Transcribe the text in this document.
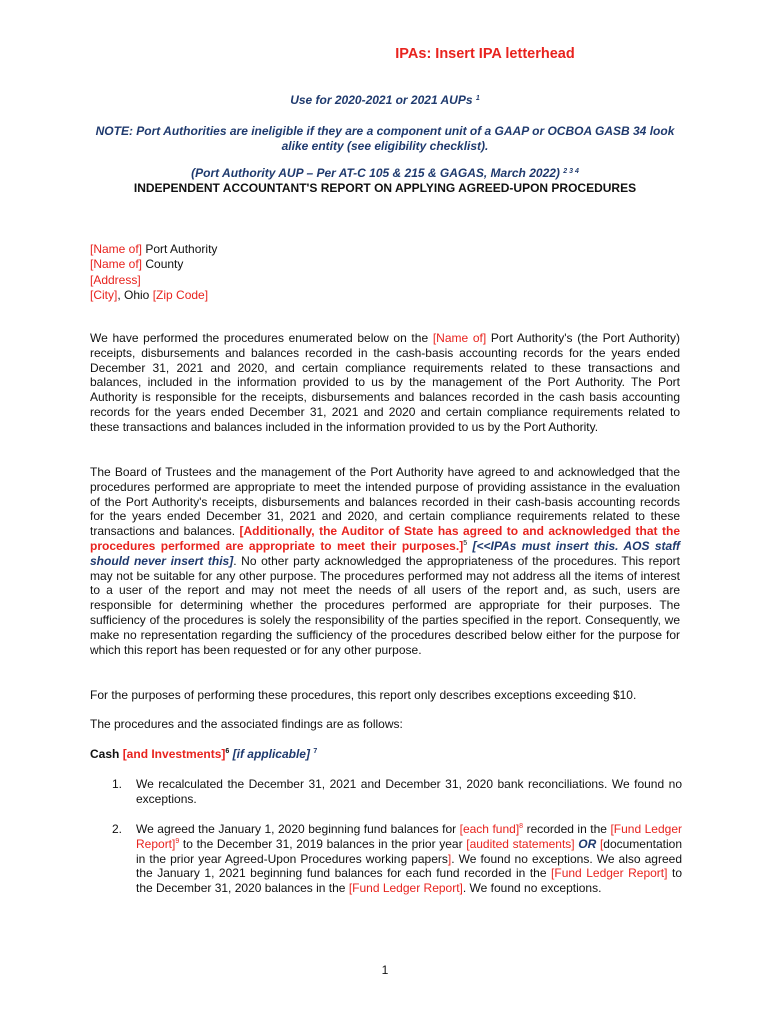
IPAs: Insert IPA letterhead
Use for 2020-2021 or 2021 AUPs $^1$
NOTE: Port Authorities are ineligible if they are a component unit of a GAAP or OCBOA GASB 34 look alike entity (see eligibility checklist).
(Port Authority AUP – Per AT-C 105 & 215 & GAGAS, March 2022) $^{2 3 4}$
INDEPENDENT ACCOUNTANT'S REPORT ON APPLYING AGREED-UPON PROCEDURES
[Name of] Port Authority
[Name of] County
[Address]
[City], Ohio [Zip Code]
We have performed the procedures enumerated below on the [Name of] Port Authority's (the Port Authority) receipts, disbursements and balances recorded in the cash-basis accounting records for the years ended December 31, 2021 and 2020, and certain compliance requirements related to these transactions and balances, included in the information provided to us by the management of the Port Authority. The Port Authority is responsible for the receipts, disbursements and balances recorded in the cash basis accounting records for the years ended December 31, 2021 and 2020 and certain compliance requirements related to these transactions and balances included in the information provided to us by the Port Authority.
The Board of Trustees and the management of the Port Authority have agreed to and acknowledged that the procedures performed are appropriate to meet the intended purpose of providing assistance in the evaluation of the Port Authority's receipts, disbursements and balances recorded in their cash-basis accounting records for the years ended December 31, 2021 and 2020, and certain compliance requirements related to these transactions and balances. [Additionally, the Auditor of State has agreed to and acknowledged that the procedures performed are appropriate to meet their purposes.]$^5$ [<<IPAs must insert this. AOS staff should never insert this]. No other party acknowledged the appropriateness of the procedures. This report may not be suitable for any other purpose. The procedures performed may not address all the items of interest to a user of the report and may not meet the needs of all users of the report and, as such, users are responsible for determining whether the procedures performed are appropriate for their purposes. The sufficiency of the procedures is solely the responsibility of the parties specified in the report. Consequently, we make no representation regarding the sufficiency of the procedures described below either for the purpose for which this report has been requested or for any other purpose.
For the purposes of performing these procedures, this report only describes exceptions exceeding $10.
The procedures and the associated findings are as follows:
Cash [and Investments]$^6$ [if applicable] $^7$
1.	We recalculated the December 31, 2021 and December 31, 2020 bank reconciliations. We found no exceptions.
2.	We agreed the January 1, 2020 beginning fund balances for [each fund]$^8$ recorded in the [Fund Ledger Report]$^9$ to the December 31, 2019 balances in the prior year [audited statements] OR [documentation in the prior year Agreed-Upon Procedures working papers]. We found no exceptions. We also agreed the January 1, 2021 beginning fund balances for each fund recorded in the [Fund Ledger Report] to the December 31, 2020 balances in the [Fund Ledger Report]. We found no exceptions.
1
